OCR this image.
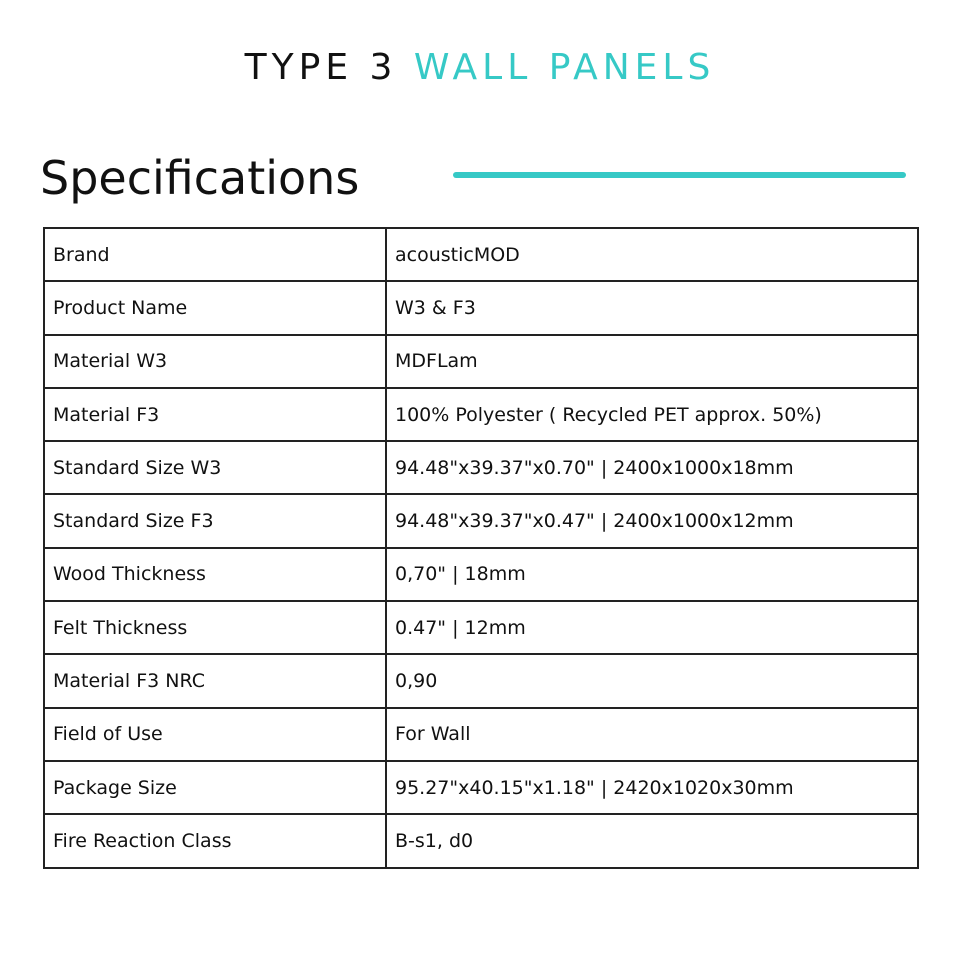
TYPE 3 WALL PANELS
Specifications
Brand	acousticMOD
Product Name	W3 & F3
Material W3	MDFLam
Material F3	100% Polyester ( Recycled PET approx. 50%)
Standard Size W3	94.48"x39.37"x0.70" | 2400x1000x18mm
Standard Size F3	94.48"x39.37"x0.47" | 2400x1000x12mm
Wood Thickness	0,70" | 18mm
Felt Thickness	0.47" | 12mm
Material F3 NRC	0,90
Field of Use	For Wall
Package Size	95.27"x40.15"x1.18" | 2420x1020x30mm
Fire Reaction Class	B-s1, d0
